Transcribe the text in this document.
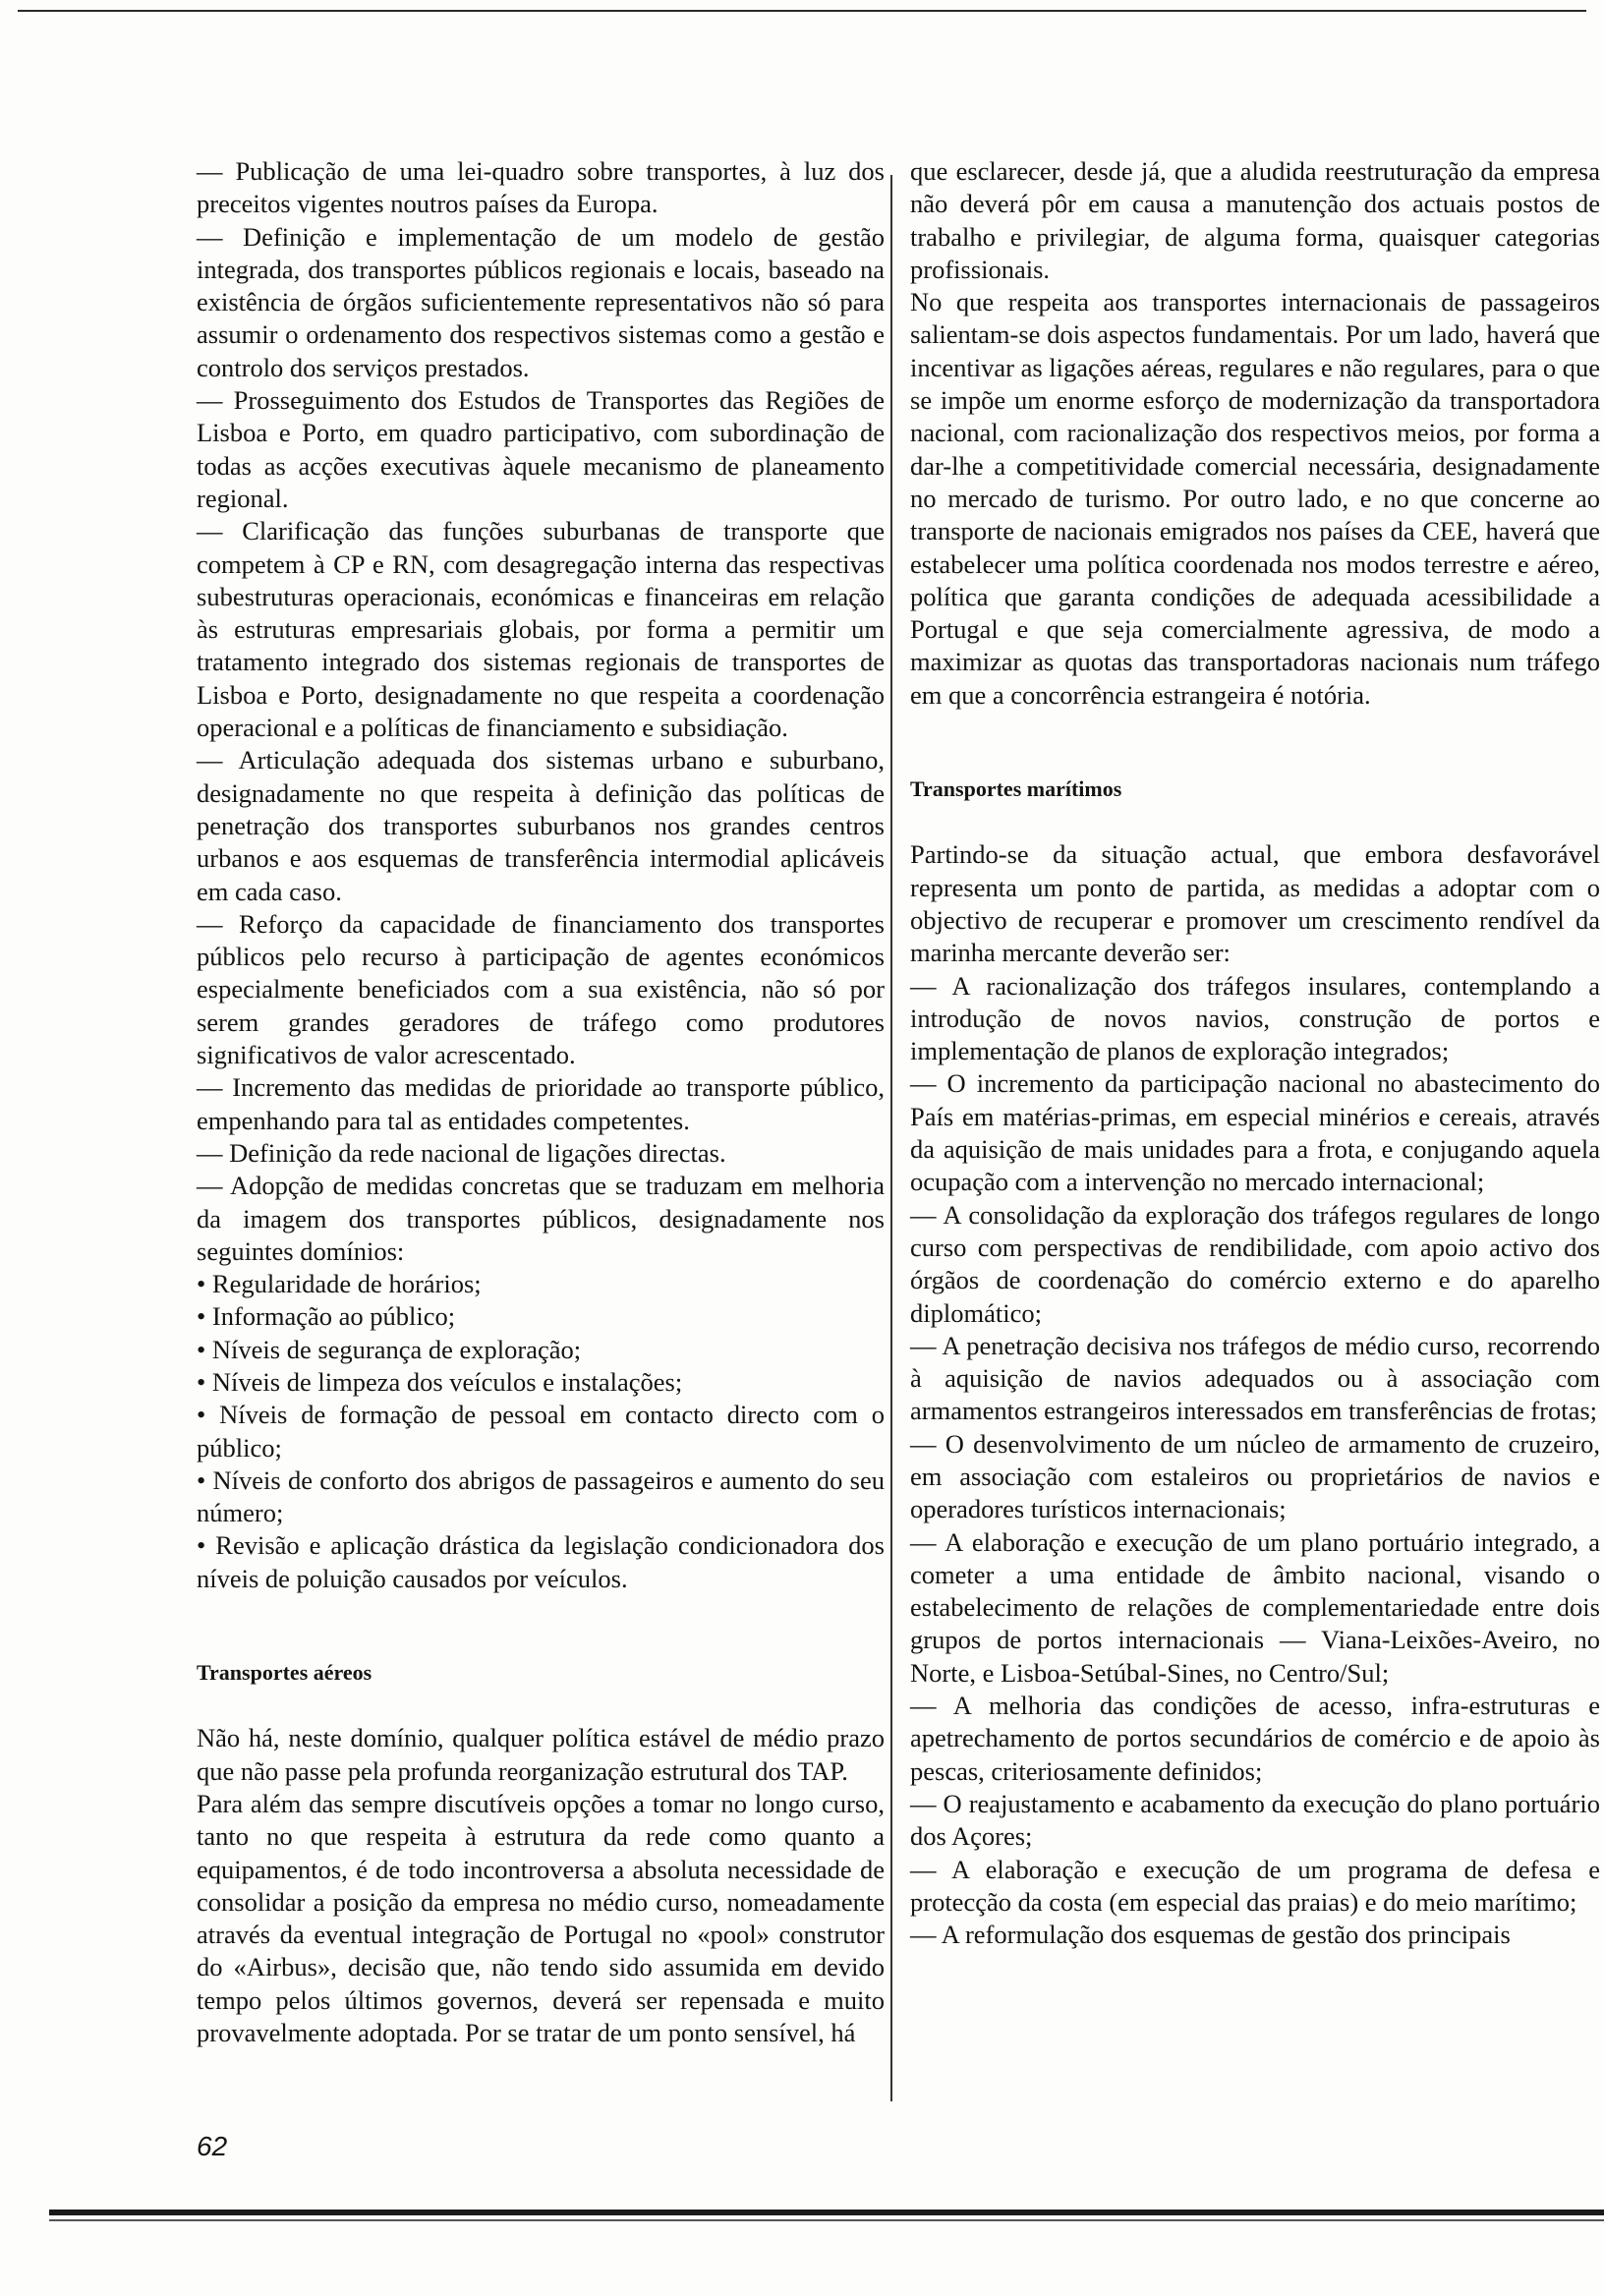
— Publicação de uma lei-quadro sobre transportes, à luz dos preceitos vigentes noutros países da Europa.

— Definição e implementação de um modelo de gestão integrada, dos transportes públicos regionais e locais, baseado na existência de órgãos suficientemente representativos não só para assumir o ordenamento dos respectivos sistemas como a gestão e controlo dos serviços prestados.

— Prosseguimento dos Estudos de Transportes das Regiões de Lisboa e Porto, em quadro participativo, com subordinação de todas as acções executivas àquele mecanismo de planeamento regional.

— Clarificação das funções suburbanas de transporte que competem à CP e RN, com desagregação interna das respectivas subestruturas operacionais, económicas e financeiras em relação às estruturas empresariais globais, por forma a permitir um tratamento integrado dos sistemas regionais de transportes de Lisboa e Porto, designadamente no que respeita a coordenação operacional e a políticas de financiamento e subsidiação.

— Articulação adequada dos sistemas urbano e suburbano, designadamente no que respeita à definição das políticas de penetração dos transportes suburbanos nos grandes centros urbanos e aos esquemas de transferência intermodial aplicáveis em cada caso.

— Reforço da capacidade de financiamento dos transportes públicos pelo recurso à participação de agentes económicos especialmente beneficiados com a sua existência, não só por serem grandes geradores de tráfego como produtores significativos de valor acrescentado.

— Incremento das medidas de prioridade ao transporte público, empenhando para tal as entidades competentes.

— Definição da rede nacional de ligações directas.

— Adopção de medidas concretas que se traduzam em melhoria da imagem dos transportes públicos, designadamente nos seguintes domínios:

• Regularidade de horários;

• Informação ao público;

• Níveis de segurança de exploração;

• Níveis de limpeza dos veículos e instalações;

• Níveis de formação de pessoal em contacto directo com o público;

• Níveis de conforto dos abrigos de passageiros e aumento do seu número;

• Revisão e aplicação drástica da legislação condicionadora dos níveis de poluição causados por veículos.

Transportes aéreos

Não há, neste domínio, qualquer política estável de médio prazo que não passe pela profunda reorganização estrutural dos TAP.

Para além das sempre discutíveis opções a tomar no longo curso, tanto no que respeita à estrutura da rede como quanto a equipamentos, é de todo incontroversa a absoluta necessidade de consolidar a posição da empresa no médio curso, nomeadamente através da eventual integração de Portugal no «pool» construtor do «Airbus», decisão que, não tendo sido assumida em devido tempo pelos últimos governos, deverá ser repensada e muito provavelmente adoptada. Por se tratar de um ponto sensível, há

que esclarecer, desde já, que a aludida reestruturação da empresa não deverá pôr em causa a manutenção dos actuais postos de trabalho e privilegiar, de alguma forma, quaisquer categorias profissionais.

No que respeita aos transportes internacionais de passageiros salientam-se dois aspectos fundamentais. Por um lado, haverá que incentivar as ligações aéreas, regulares e não regulares, para o que se impõe um enorme esforço de modernização da transportadora nacional, com racionalização dos respectivos meios, por forma a dar-lhe a competitividade comercial necessária, designadamente no mercado de turismo. Por outro lado, e no que concerne ao transporte de nacionais emigrados nos países da CEE, haverá que estabelecer uma política coordenada nos modos terrestre e aéreo, política que garanta condições de adequada acessibilidade a Portugal e que seja comercialmente agressiva, de modo a maximizar as quotas das transportadoras nacionais num tráfego em que a concorrência estrangeira é notória.

Transportes marítimos

Partindo-se da situação actual, que embora desfavorável representa um ponto de partida, as medidas a adoptar com o objectivo de recuperar e promover um crescimento rendível da marinha mercante deverão ser:

— A racionalização dos tráfegos insulares, contemplando a introdução de novos navios, construção de portos e implementação de planos de exploração integrados;

— O incremento da participação nacional no abastecimento do País em matérias-primas, em especial minérios e cereais, através da aquisição de mais unidades para a frota, e conjugando aquela ocupação com a intervenção no mercado internacional;

— A consolidação da exploração dos tráfegos regulares de longo curso com perspectivas de rendibilidade, com apoio activo dos órgãos de coordenação do comércio externo e do aparelho diplomático;

— A penetração decisiva nos tráfegos de médio curso, recorrendo à aquisição de navios adequados ou à associação com armamentos estrangeiros interessados em transferências de frotas;

— O desenvolvimento de um núcleo de armamento de cruzeiro, em associação com estaleiros ou proprietários de navios e operadores turísticos internacionais;

— A elaboração e execução de um plano portuário integrado, a cometer a uma entidade de âmbito nacional, visando o estabelecimento de relações de complementariedade entre dois grupos de portos internacionais — Viana-Leixões-Aveiro, no Norte, e Lisboa-Setúbal-Sines, no Centro/Sul;

— A melhoria das condições de acesso, infra-estruturas e apetrechamento de portos secundários de comércio e de apoio às pescas, criteriosamente definidos;

— O reajustamento e acabamento da execução do plano portuário dos Açores;

— A elaboração e execução de um programa de defesa e protecção da costa (em especial das praias) e do meio marítimo;

— A reformulação dos esquemas de gestão dos principais

62
